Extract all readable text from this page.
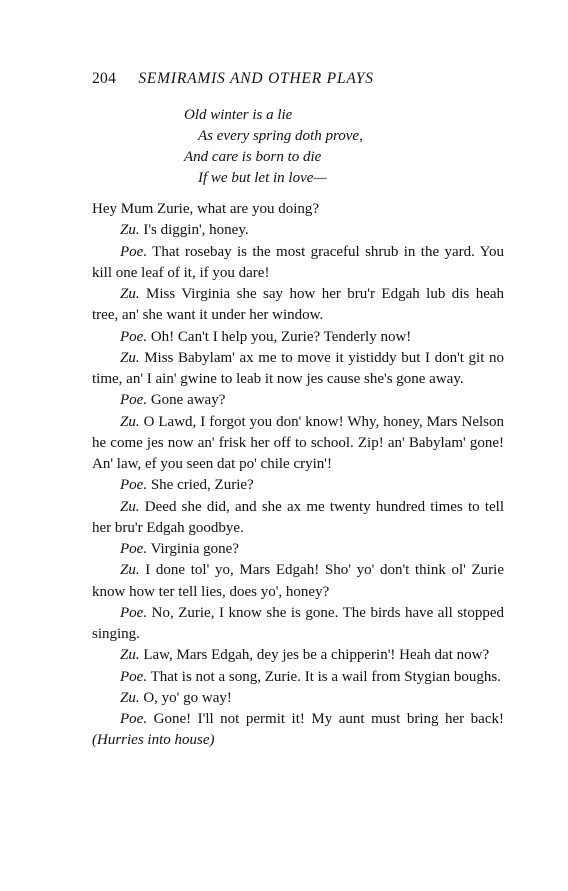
204 SEMIRAMIS AND OTHER PLAYS
Old winter is a lie
As every spring doth prove,
And care is born to die
If we but let in love—

Hey Mum Zurie, what are you doing?

Zu. I's diggin', honey.

Poe. That rosebay is the most graceful shrub in the yard. You kill one leaf of it, if you dare!

Zu. Miss Virginia she say how her bru'r Edgah lub dis heah tree, an' she want it under her window.

Poe. Oh! Can't I help you, Zurie? Tenderly now!

Zu. Miss Babylam' ax me to move it yistiddy but I don't git no time, an' I ain' gwine to leab it now jes cause she's gone away.

Poe. Gone away?

Zu. O Lawd, I forgot you don' know! Why, honey, Mars Nelson he come jes now an' frisk her off to school. Zip! an' Babylam' gone! An' law, ef you seen dat po' chile cryin'!

Poe. She cried, Zurie?

Zu. Deed she did, and she ax me twenty hundred times to tell her bru'r Edgah goodbye.

Poe. Virginia gone?

Zu. I done tol' yo, Mars Edgah! Sho' yo' don't think ol' Zurie know how ter tell lies, does yo', honey?

Poe. No, Zurie, I know she is gone. The birds have all stopped singing.

Zu. Law, Mars Edgah, dey jes be a chipperin'! Heah dat now?

Poe. That is not a song, Zurie. It is a wail from Stygian boughs.

Zu. O, yo' go way!

Poe. Gone! I'll not permit it! My aunt must bring her back! (Hurries into house)
